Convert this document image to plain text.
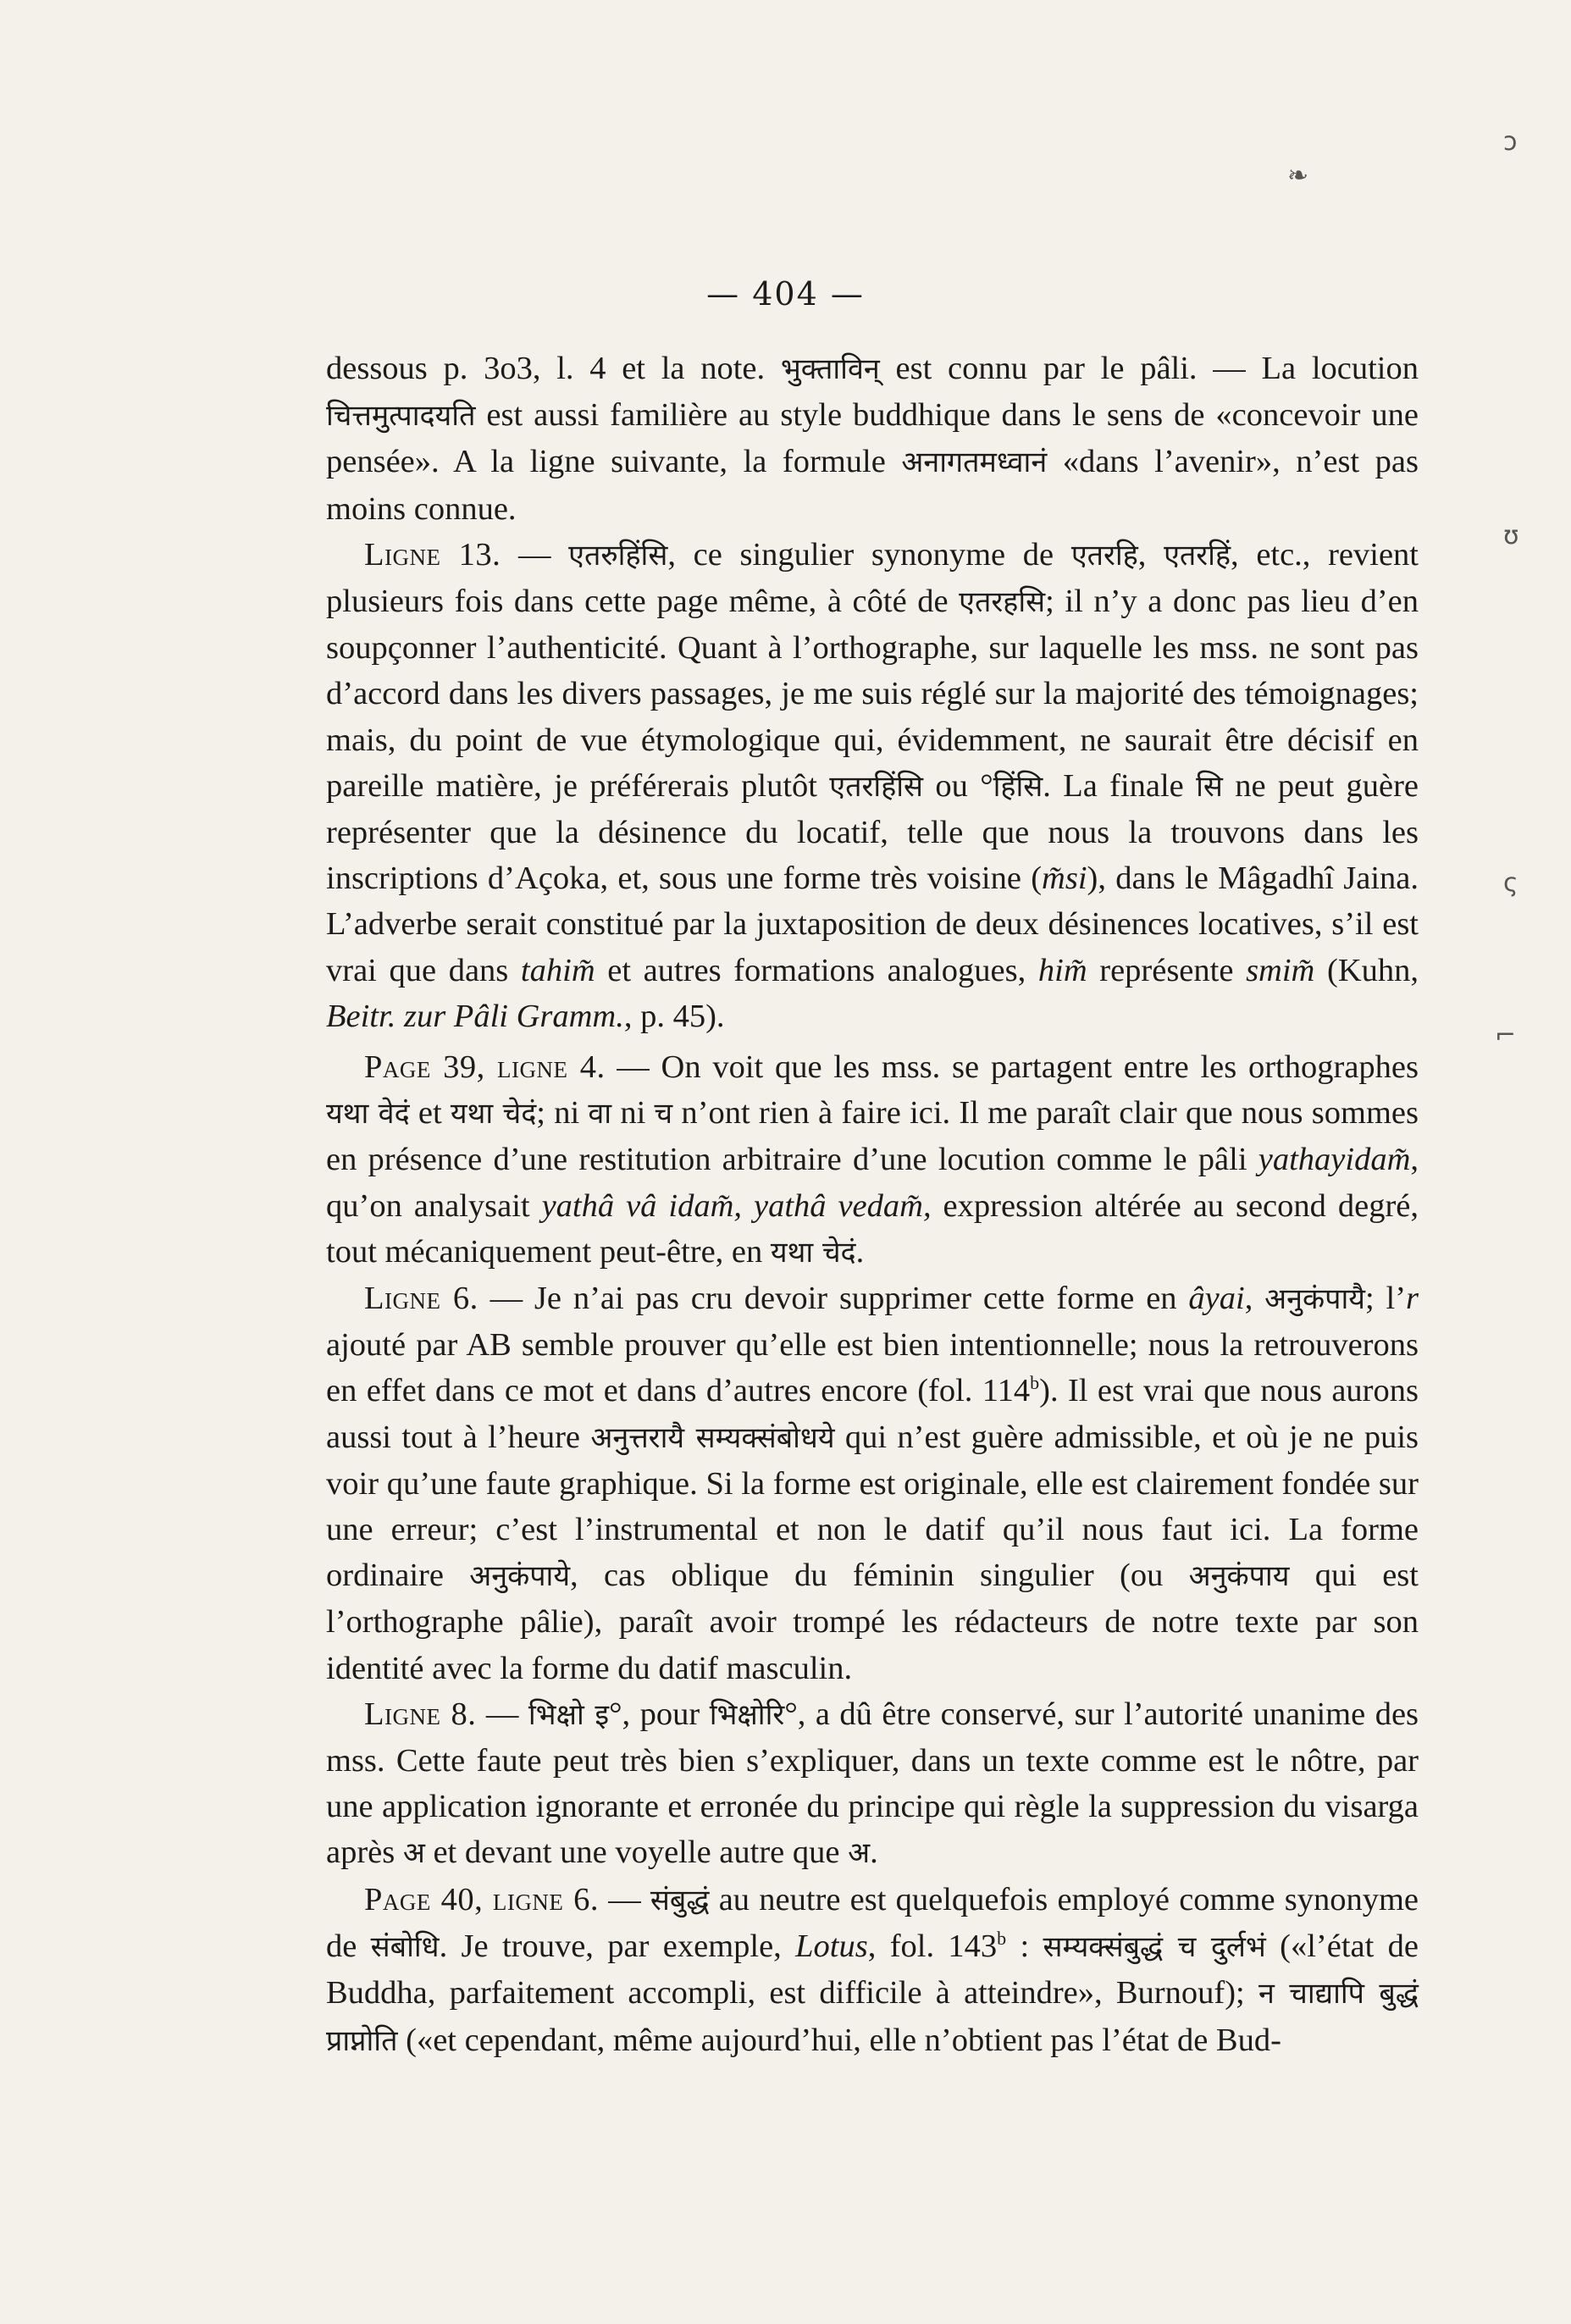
❧
ↄ
ʊ
ς
⌐
— 404 —

dessous p. 3o3, l. 4 et la note. भुक्ताविन् est connu par le pâli. — La locution चित्तमुत्पादयति est aussi familière au style buddhique dans le sens de «concevoir une pensée». A la ligne suivante, la formule अनागतमध्वानं «dans l’avenir», n’est pas moins connue.

Ligne 13. — एतरुहिंसि, ce singulier synonyme de एतरहि, एतरहिं, etc., revient plusieurs fois dans cette page même, à côté de एतरहसि; il n’y a donc pas lieu d’en soupçonner l’authenticité. Quant à l’orthographe, sur laquelle les mss. ne sont pas d’accord dans les divers passages, je me suis réglé sur la majorité des témoignages; mais, du point de vue étymologique qui, évidemment, ne saurait être décisif en pareille matière, je préférerais plutôt एतरहिंसि ou °हिंसि. La finale सि ne peut guère représenter que la désinence du locatif, telle que nous la trouvons dans les inscriptions d’Açoka, et, sous une forme très voisine (m̃si), dans le Mâgadhî Jaina. L’adverbe serait constitué par la juxtaposition de deux désinences locatives, s’il est vrai que dans tahim̃ et autres formations analogues, him̃ représente smim̃ (Kuhn, Beitr. zur Pâli Gramm., p. 45).

Page 39, ligne 4. — On voit que les mss. se partagent entre les orthographes यथा वेदं et यथा चेदं; ni वा ni च n’ont rien à faire ici. Il me paraît clair que nous sommes en présence d’une restitution arbitraire d’une locution comme le pâli yathayidam̃, qu’on analysait yathâ vâ idam̃, yathâ vedam̃, expression altérée au second degré, tout mécaniquement peut-être, en यथा चेदं.

Ligne 6. — Je n’ai pas cru devoir supprimer cette forme en âyai, अनुकंपायै; l’r ajouté par AB semble prouver qu’elle est bien intentionnelle; nous la retrouverons en effet dans ce mot et dans d’autres encore (fol. 114$^b$). Il est vrai que nous aurons aussi tout à l’heure अनुत्तरायै सम्यक्संबोधये qui n’est guère admissible, et où je ne puis voir qu’une faute graphique. Si la forme est originale, elle est clairement fondée sur une erreur; c’est l’instrumental et non le datif qu’il nous faut ici. La forme ordinaire अनुकंपाये, cas oblique du féminin singulier (ou अनुकंपाय qui est l’orthographe pâlie), paraît avoir trompé les rédacteurs de notre texte par son identité avec la forme du datif masculin.

Ligne 8. — भिक्षो इ°, pour भिक्षोरि°, a dû être conservé, sur l’autorité unanime des mss. Cette faute peut très bien s’expliquer, dans un texte comme est le nôtre, par une application ignorante et erronée du principe qui règle la suppression du visarga après अ et devant une voyelle autre que अ.

Page 40, ligne 6. — संबुद्धं au neutre est quelquefois employé comme synonyme de संबोधि. Je trouve, par exemple, Lotus, fol. 143$^b$ : सम्यक्संबुद्धं च दुर्लभं («l’état de Buddha, parfaitement accompli, est difficile à atteindre», Burnouf); न चाद्यापि बुद्धं प्राप्नोति («et cependant, même aujourd’hui, elle n’obtient pas l’état de Bud-
